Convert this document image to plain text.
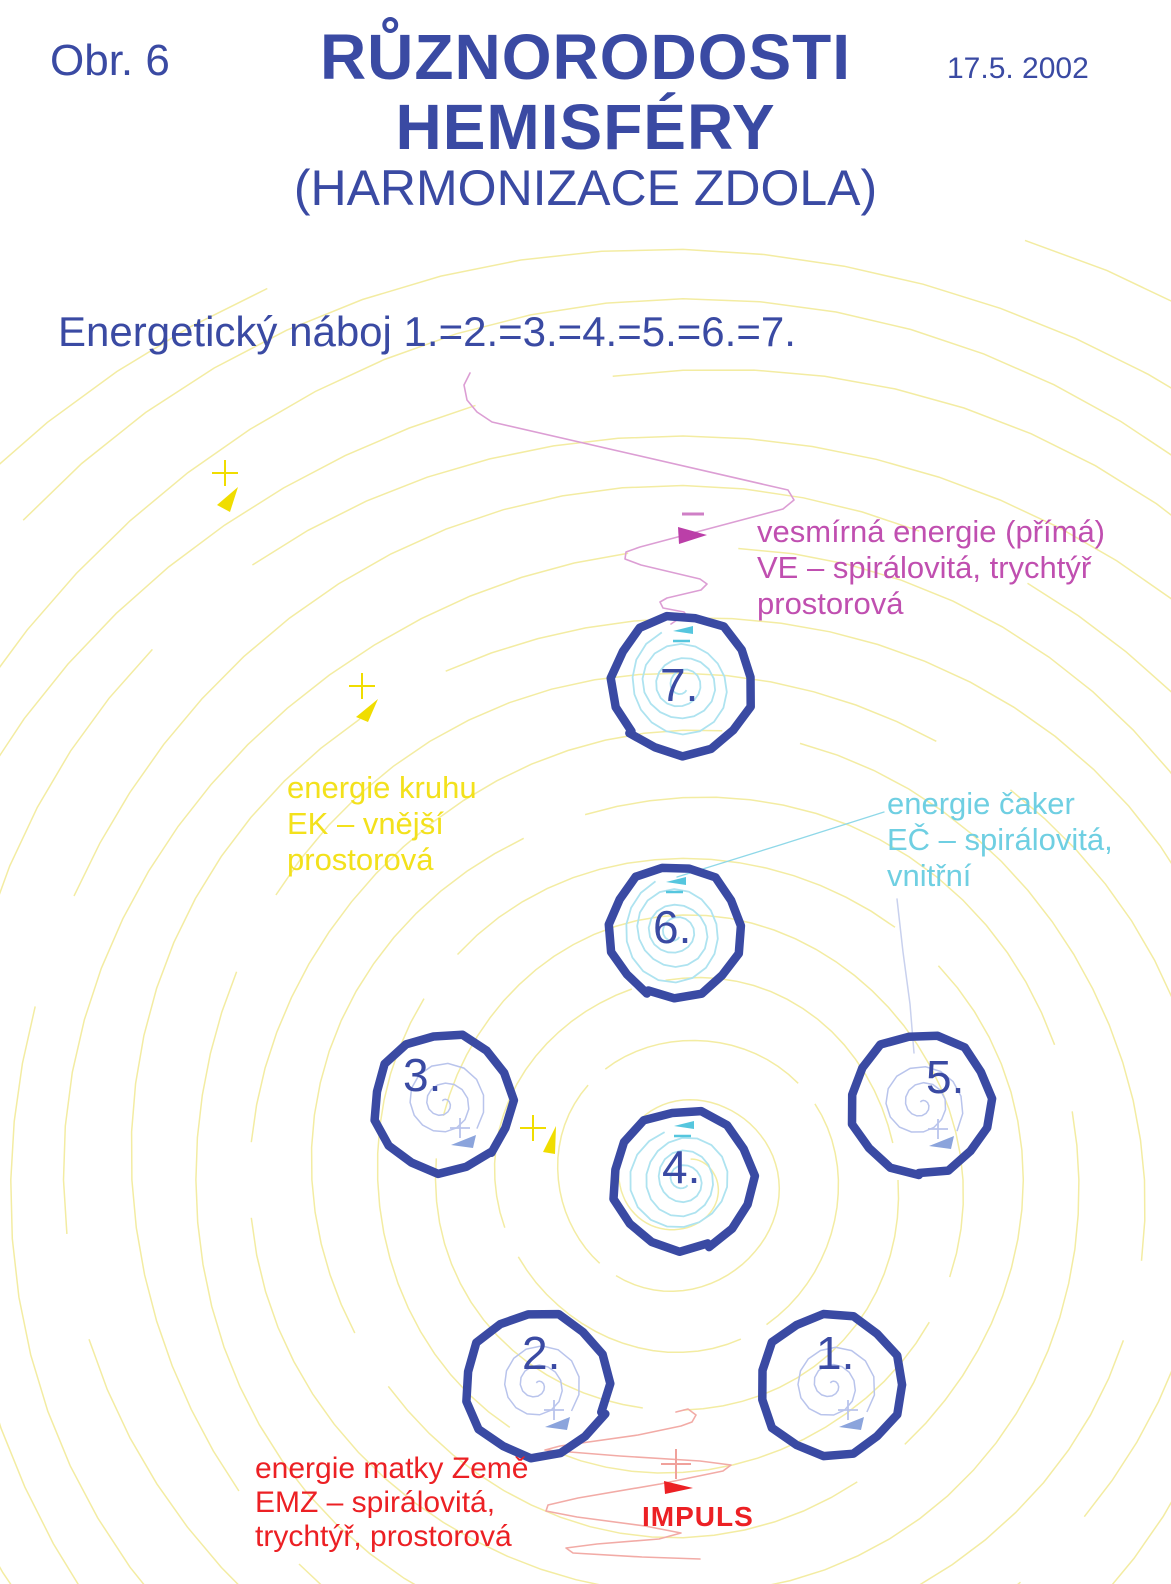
Obr. 6	RŮZNORODOSTI
HEMISFÉRY
(HARMONIZACE ZDOLA)
17.5. 2002
Energetický náboj 1.=2.=3.=4.=5.=6.=7.
vesmírná energie (přímá)
VE – spirálovitá, trychtýř
prostorová
energie kruhu
EK – vnější
prostorová
energie čaker
EČ – spirálovitá,
vnitřní
energie matky Země
EMZ – spirálovitá,
trychtýř, prostorová
IMPULS
1.
2.
3.
4.
5.
6.
7.
